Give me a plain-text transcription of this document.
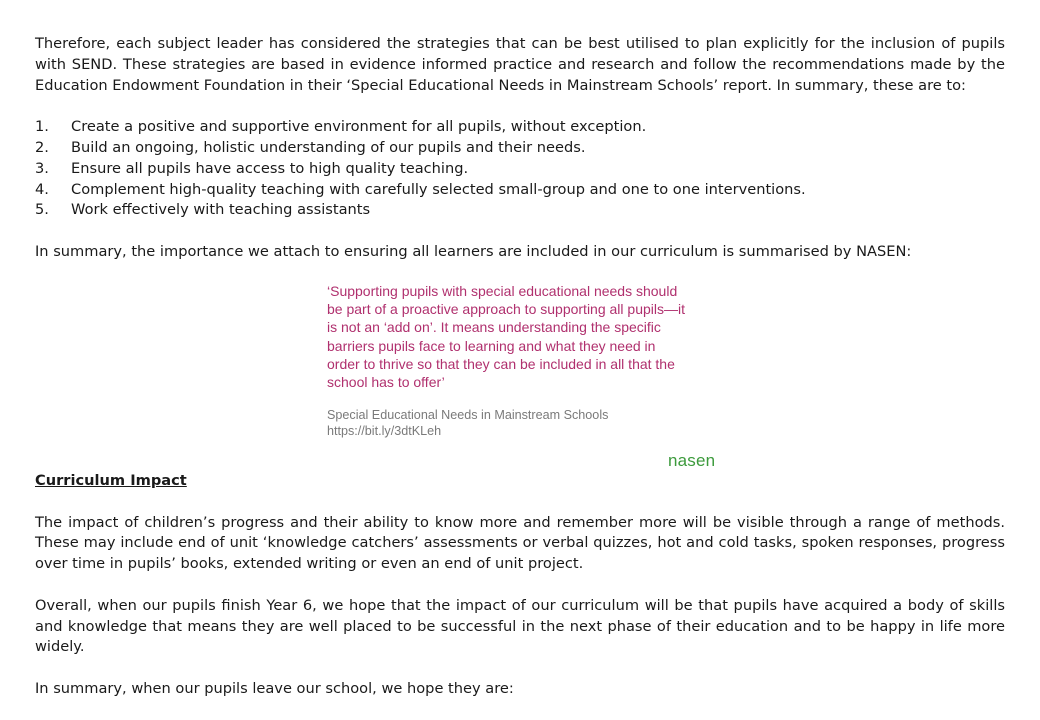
Therefore, each subject leader has considered the strategies that can be best utilised to plan explicitly for the inclusion of pupils with SEND. These strategies are based in evidence informed practice and research and follow the recommendations made by the Education Endowment Foundation in their ‘Special Educational Needs in Mainstream Schools’ report. In summary, these are to:

1.	Create a positive and supportive environment for all pupils, without exception.
2.	Build an ongoing, holistic understanding of our pupils and their needs.
3.	Ensure all pupils have access to high quality teaching.
4.	Complement high-quality teaching with carefully selected small-group and one to one interventions.
5.	Work effectively with teaching assistants

In summary, the importance we attach to ensuring all learners are included in our curriculum is summarised by NASEN:

‘Supporting pupils with special educational needs should be part of a proactive approach to supporting all pupils—it is not an ‘add on’. It means understanding the specific barriers pupils face to learning and what they need in order to thrive so that they can be included in all that the school has to offer’

Special Educational Needs in Mainstream Schools
https://bit.ly/3dtKLeh
nasen

Curriculum Impact

The impact of children’s progress and their ability to know more and remember more will be visible through a range of methods. These may include end of unit ‘knowledge catchers’ assessments or verbal quizzes, hot and cold tasks, spoken responses, progress over time in pupils’ books, extended writing or even an end of unit project.

Overall, when our pupils finish Year 6, we hope that the impact of our curriculum will be that pupils have acquired a body of skills and knowledge that means they are well placed to be successful in the next phase of their education and to be happy in life more widely.

In summary, when our pupils leave our school, we hope they are:
